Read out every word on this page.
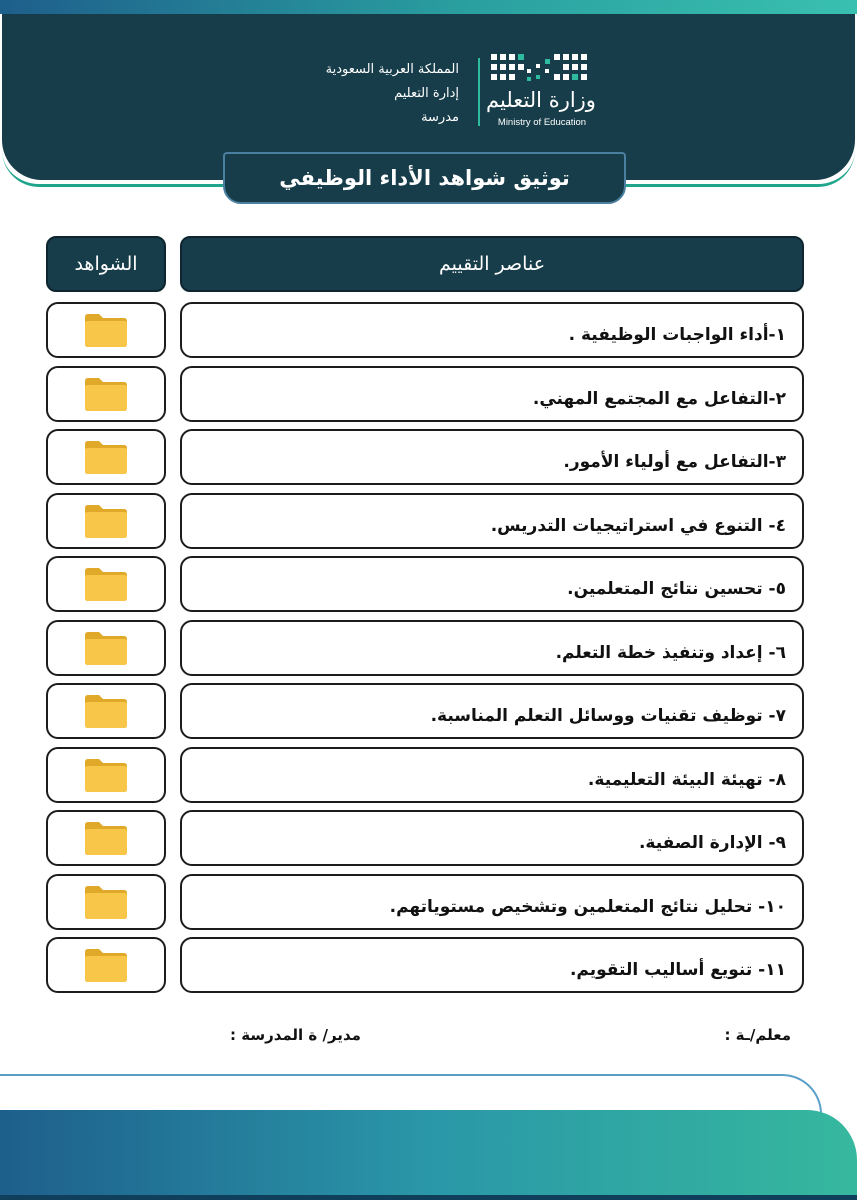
وزارة التعليم
Ministry of Education
المملكة العربية السعودية
إدارة التعليم
مدرسة
توثيق شواهد الأداء الوظيفي
عناصر التقييم
الشواهد
١-أداء الواجبات الوظيفية .
٢-التفاعل مع المجتمع المهني.
٣-التفاعل مع أولياء الأمور.
٤- التنوع في استراتيجيات التدريس.
٥- تحسين نتائج المتعلمين.
٦- إعداد وتنفيذ خطة التعلم.
٧- توظيف تقنيات ووسائل التعلم المناسبة.
٨- تهيئة البيئة التعليمية.
٩- الإدارة الصفية.
١٠- تحليل نتائج المتعلمين وتشخيص مستوياتهم.
١١- تنويع أساليب التقويم.
معلم/ـة :
مدير/ ة المدرسة :
